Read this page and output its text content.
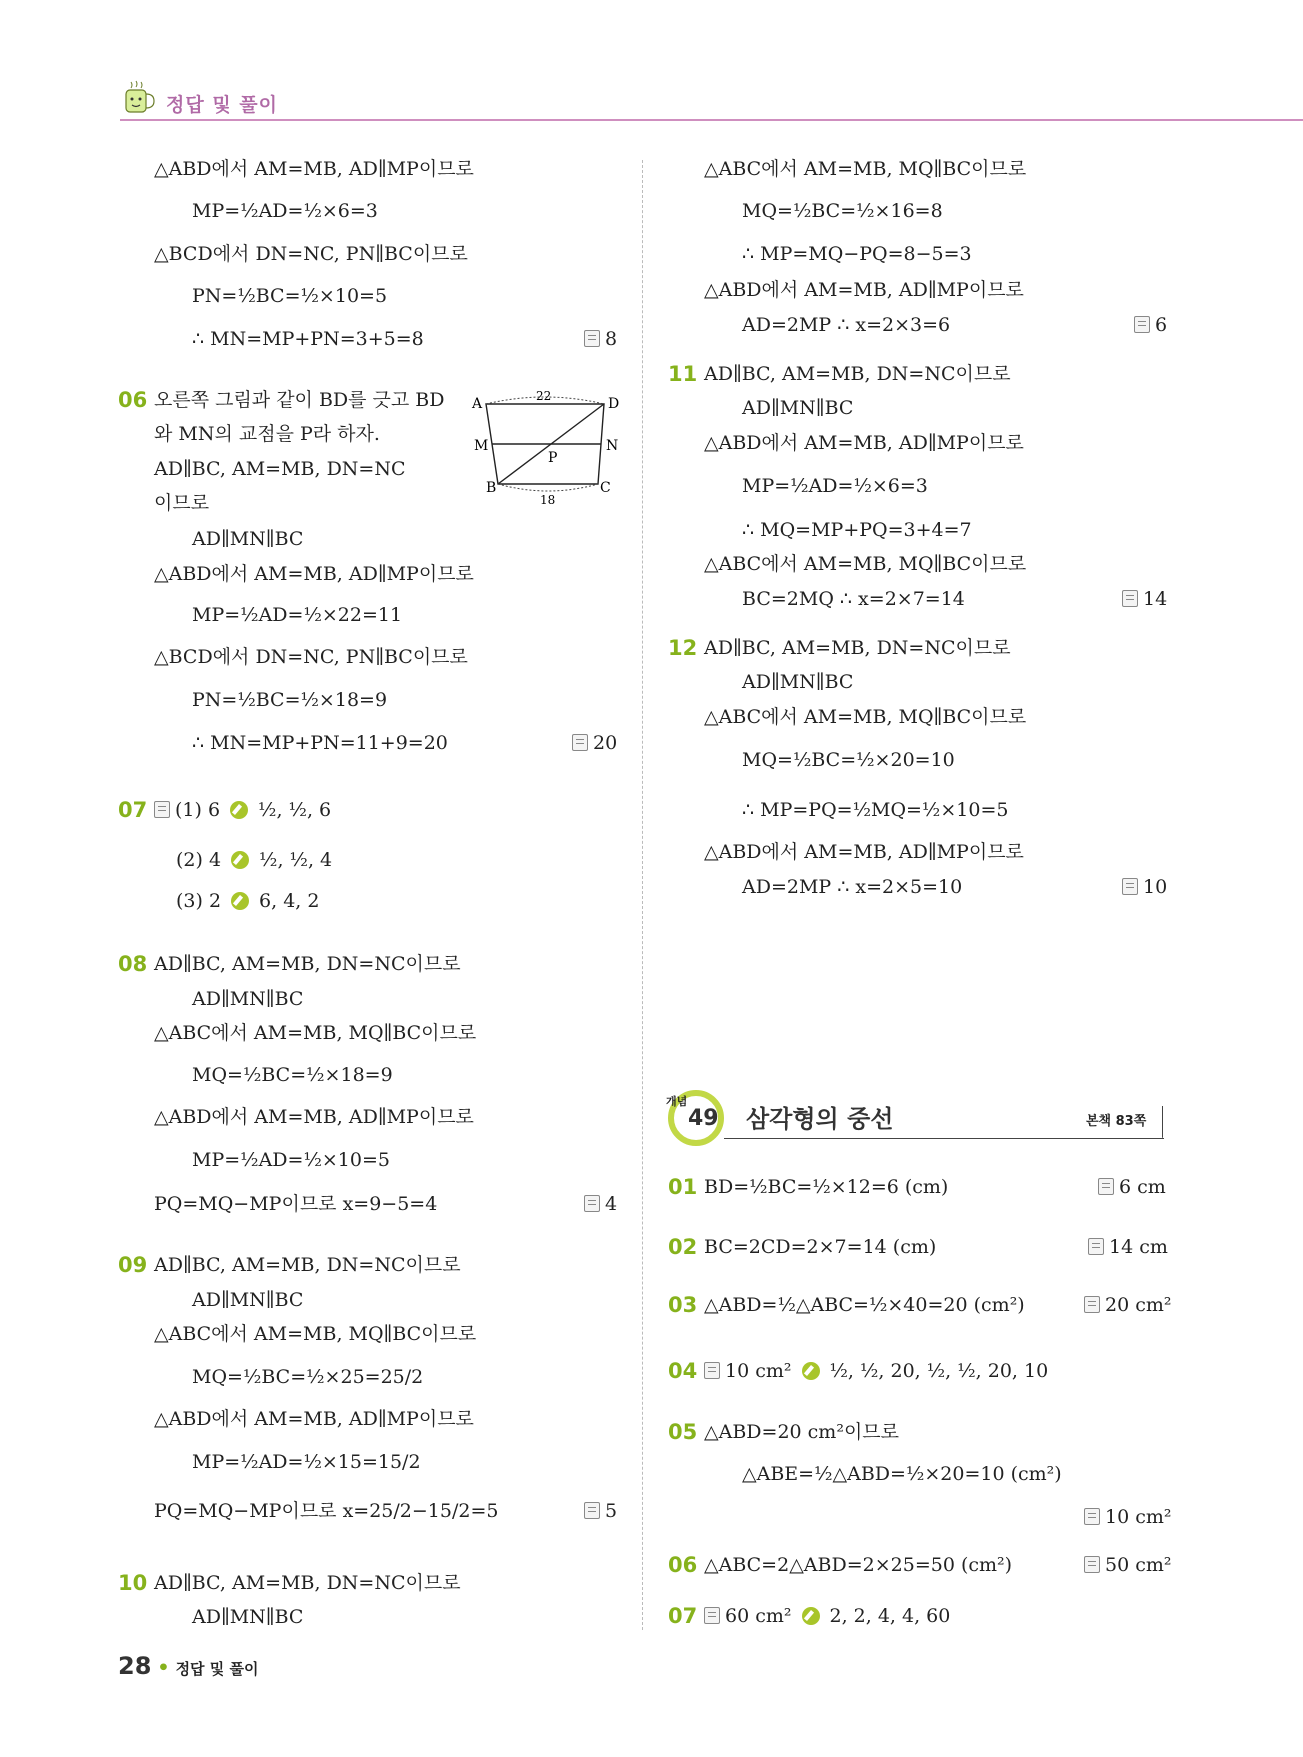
정답 및 풀이
△ABD에서 AM=MB, AD∥MP이므로
MP=½AD=½×6=3
△BCD에서 DN=NC, PN∥BC이므로
PN=½BC=½×10=5
∴ MN=MP+PN=3+5=8	8
06 오른쪽 그림과 같이 BD를 긋고 BD
와 MN의 교점을 P라 하자.
AD∥BC, AM=MB, DN=NC
이므로
A	D
M	N
P
B	C
22
18
AD∥MN∥BC
△ABD에서 AM=MB, AD∥MP이므로
MP=½AD=½×22=11
△BCD에서 DN=NC, PN∥BC이므로
PN=½BC=½×18=9
∴ MN=MP+PN=11+9=20	20
07	(1) 6 ½, ½, 6
(2) 4 ½, ½, 4
(3) 2 6, 4, 2
08 AD∥BC, AM=MB, DN=NC이므로
AD∥MN∥BC
△ABC에서 AM=MB, MQ∥BC이므로
MQ=½BC=½×18=9
△ABD에서 AM=MB, AD∥MP이므로
MP=½AD=½×10=5
PQ=MQ−MP이므로 x=9−5=4	4
09 AD∥BC, AM=MB, DN=NC이므로
AD∥MN∥BC
△ABC에서 AM=MB, MQ∥BC이므로
MQ=½BC=½×25=25/2
△ABD에서 AM=MB, AD∥MP이므로
MP=½AD=½×15=15/2
PQ=MQ−MP이므로 x=25/2−15/2=5	5
10 AD∥BC, AM=MB, DN=NC이므로
AD∥MN∥BC
△ABC에서 AM=MB, MQ∥BC이므로
MQ=½BC=½×16=8
∴ MP=MQ−PQ=8−5=3
△ABD에서 AM=MB, AD∥MP이므로
AD=2MP ∴ x=2×3=6	6
11 AD∥BC, AM=MB, DN=NC이므로
AD∥MN∥BC
△ABD에서 AM=MB, AD∥MP이므로
MP=½AD=½×6=3
∴ MQ=MP+PQ=3+4=7
△ABC에서 AM=MB, MQ∥BC이므로
BC=2MQ ∴ x=2×7=14	14
12 AD∥BC, AM=MB, DN=NC이므로
AD∥MN∥BC
△ABC에서 AM=MB, MQ∥BC이므로
MQ=½BC=½×20=10
∴ MP=PQ=½MQ=½×10=5
△ABD에서 AM=MB, AD∥MP이므로
AD=2MP ∴ x=2×5=10	10
개념
49 삼각형의 중선	본책 83쪽
01 BD=½BC=½×12=6 (cm)	6 cm
02 BC=2CD=2×7=14 (cm)	14 cm
03 △ABD=½△ABC=½×40=20 (cm²)	20 cm²
04	10 cm² ½, ½, 20, ½, ½, 20, 10
05 △ABD=20 cm²이므로
△ABE=½△ABD=½×20=10 (cm²)
10 cm²
06 △ABC=2△ABD=2×25=50 (cm²)	50 cm²
07	60 cm² 2, 2, 4, 4, 60
28 • 정답 및 풀이
